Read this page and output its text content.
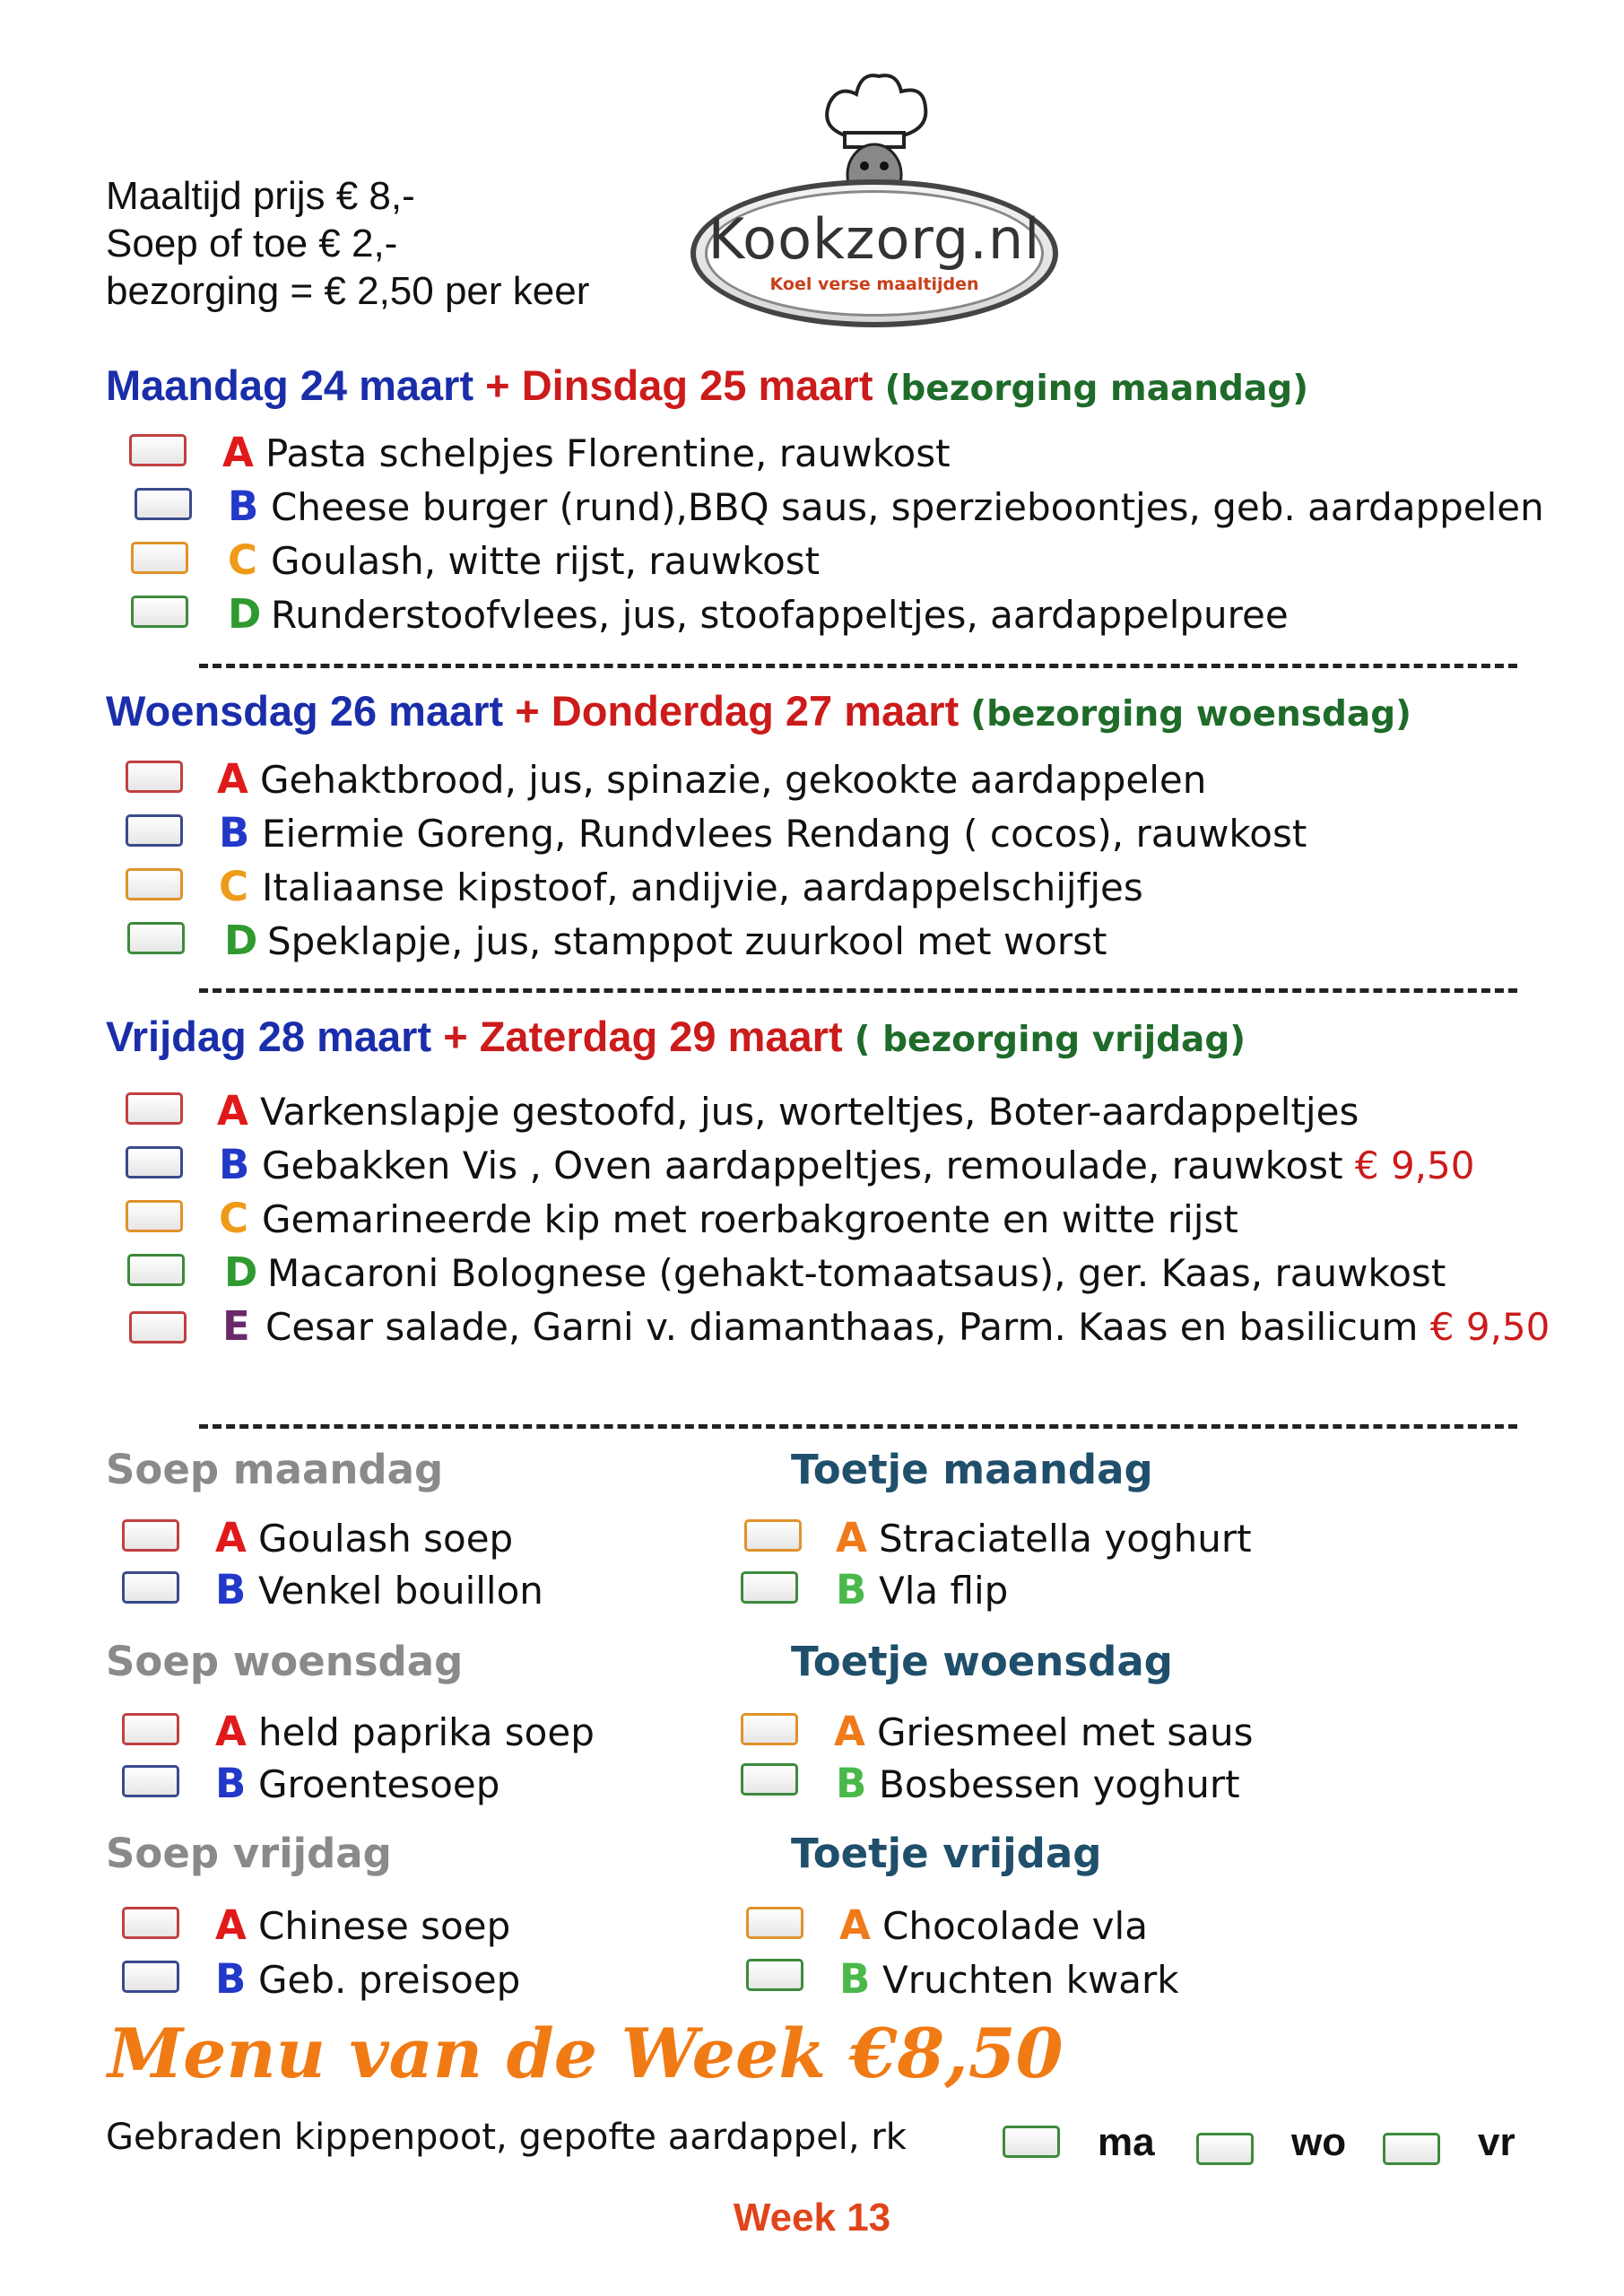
Maaltijd prijs € 8,-
Soep of toe € 2,-
bezorging = € 2,50 per keer
Kookzorg.nl
Koel verse maaltijden
Maandag 24 maart + Dinsdag 25 maart (bezorging maandag)
A Pasta schelpjes Florentine, rauwkost
B Cheese burger (rund),BBQ saus, sperzieboontjes, geb. aardappelen
C Goulash, witte rijst, rauwkost
D Runderstoofvlees, jus, stoofappeltjes, aardappelpuree
Woensdag 26 maart + Donderdag 27 maart (bezorging woensdag)
A Gehaktbrood, jus, spinazie, gekookte aardappelen
B Eiermie Goreng, Rundvlees Rendang ( cocos), rauwkost
C Italiaanse kipstoof, andijvie, aardappelschijfjes
D Speklapje, jus, stamppot zuurkool met worst
Vrijdag 28 maart + Zaterdag 29 maart ( bezorging vrijdag)
A Varkenslapje gestoofd, jus, worteltjes, Boter-aardappeltjes
B Gebakken Vis , Oven aardappeltjes, remoulade, rauwkost € 9,50
C Gemarineerde kip met roerbakgroente en witte rijst
D Macaroni Bolognese (gehakt-tomaatsaus), ger. Kaas, rauwkost
E Cesar salade, Garni v. diamanthaas, Parm. Kaas en basilicum € 9,50
Soep maandag
A Goulash soep
B Venkel bouillon
Soep woensdag
A held paprika soep
B Groentesoep
Soep vrijdag
A Chinese soep
B Geb. preisoep
Toetje maandag
A Straciatella yoghurt
B Vla flip
Toetje woensdag
A Griesmeel met saus
B Bosbessen yoghurt
Toetje vrijdag
A Chocolade vla
B Vruchten kwark
Menu van de Week €8,50
Gebraden kippenpoot, gepofte aardappel, rk	ma	wo	vr
Week 13
